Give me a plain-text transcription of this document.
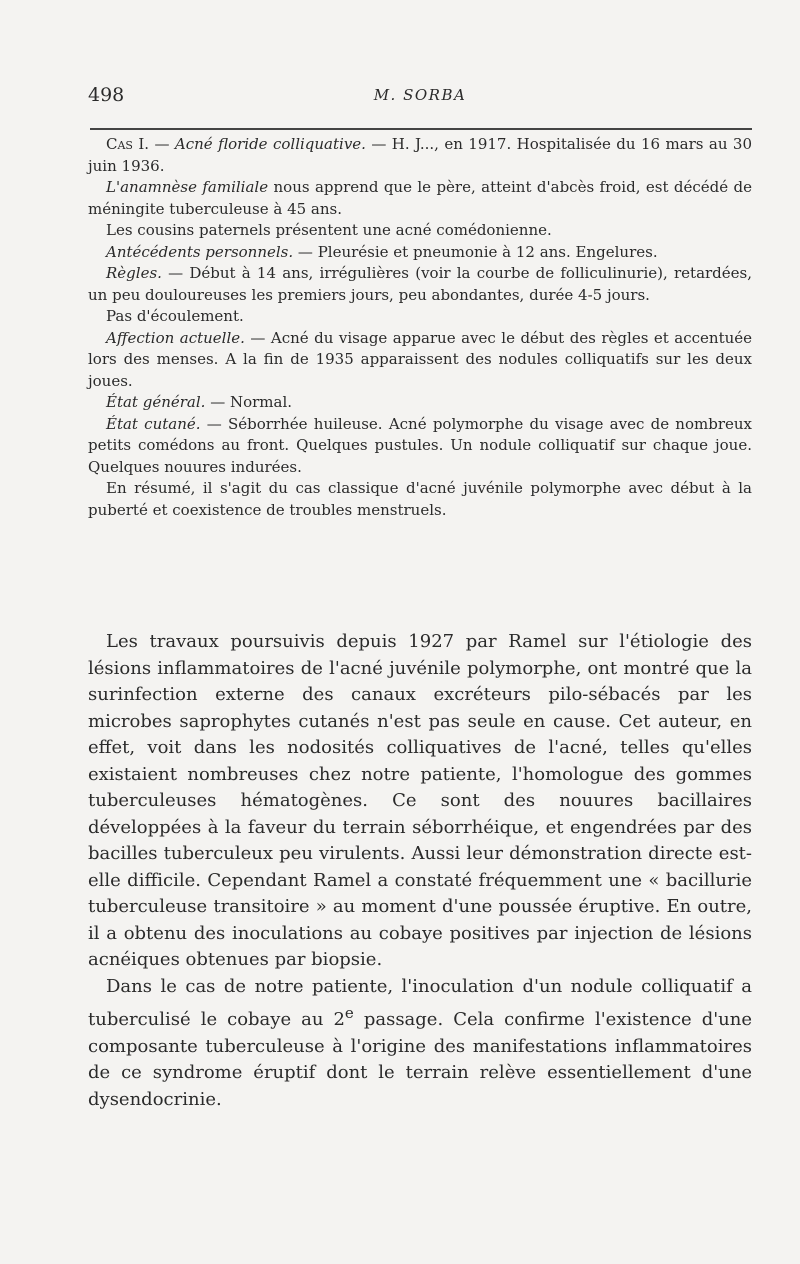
498	M. SORBA

Cas I. — Acné floride colliquative. — H. J..., en 1917. Hospitalisée du 16 mars au 30 juin 1936.

L'anamnèse familiale nous apprend que le père, atteint d'abcès froid, est décédé de méningite tuberculeuse à 45 ans.

Les cousins paternels présentent une acné comédonienne.

Antécédents personnels. — Pleurésie et pneumonie à 12 ans. Engelures.

Règles. — Début à 14 ans, irrégulières (voir la courbe de folliculinurie), retardées, un peu douloureuses les premiers jours, peu abondantes, durée 4-5 jours.

Pas d'écoulement.

Affection actuelle. — Acné du visage apparue avec le début des règles et accentuée lors des menses. A la fin de 1935 apparaissent des nodules colliquatifs sur les deux joues.

État général. — Normal.

État cutané. — Séborrhée huileuse. Acné polymorphe du visage avec de nombreux petits comédons au front. Quelques pustules. Un nodule colliquatif sur chaque joue. Quelques nouures indurées.

En résumé, il s'agit du cas classique d'acné juvénile polymorphe avec début à la puberté et coexistence de troubles menstruels.

Les travaux poursuivis depuis 1927 par Ramel sur l'étiologie des lésions inflammatoires de l'acné juvénile polymorphe, ont montré que la surinfection externe des canaux excréteurs pilo-sébacés par les microbes saprophytes cutanés n'est pas seule en cause. Cet auteur, en effet, voit dans les nodosités colliquatives de l'acné, telles qu'elles existaient nombreuses chez notre patiente, l'homologue des gommes tuberculeuses hématogènes. Ce sont des nouures bacillaires développées à la faveur du terrain séborrhéique, et engendrées par des bacilles tuberculeux peu virulents. Aussi leur démonstration directe est-elle difficile. Cependant Ramel a constaté fréquemment une « bacillurie tuberculeuse transitoire » au moment d'une poussée éruptive. En outre, il a obtenu des inoculations au cobaye positives par injection de lésions acnéiques obtenues par biopsie.

Dans le cas de notre patiente, l'inoculation d'un nodule colliquatif a tuberculisé le cobaye au 2e passage. Cela confirme l'existence d'une composante tuberculeuse à l'origine des manifestations inflammatoires de ce syndrome éruptif dont le terrain relève essentiellement d'une dysendocrinie.
